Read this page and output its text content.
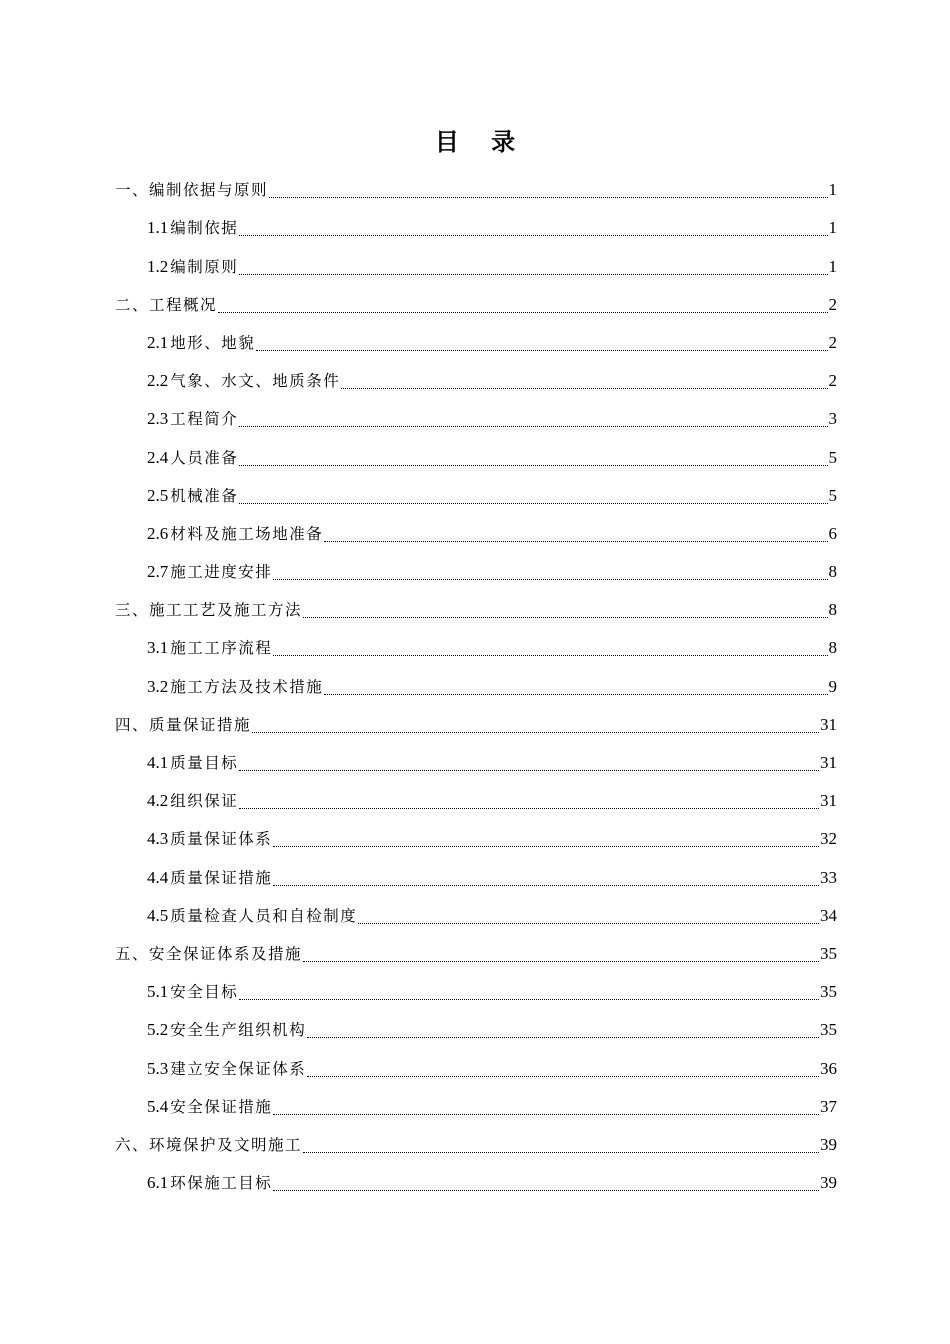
目 录
一、编制依据与原则	1
1.1 编制依据	1
1.2 编制原则	1
二、工程概况	2
2.1 地形、地貌	2
2.2 气象、水文、地质条件	2
2.3 工程简介	3
2.4 人员准备	5
2.5 机械准备	5
2.6 材料及施工场地准备	6
2.7 施工进度安排	8
三、施工工艺及施工方法	8
3.1 施工工序流程	8
3.2 施工方法及技术措施	9
四、质量保证措施	31
4.1 质量目标	31
4.2 组织保证	31
4.3 质量保证体系	32
4.4 质量保证措施	33
4.5 质量检查人员和自检制度	34
五、安全保证体系及措施	35
5.1 安全目标	35
5.2 安全生产组织机构	35
5.3 建立安全保证体系	36
5.4 安全保证措施	37
六、环境保护及文明施工	39
6.1 环保施工目标	39
